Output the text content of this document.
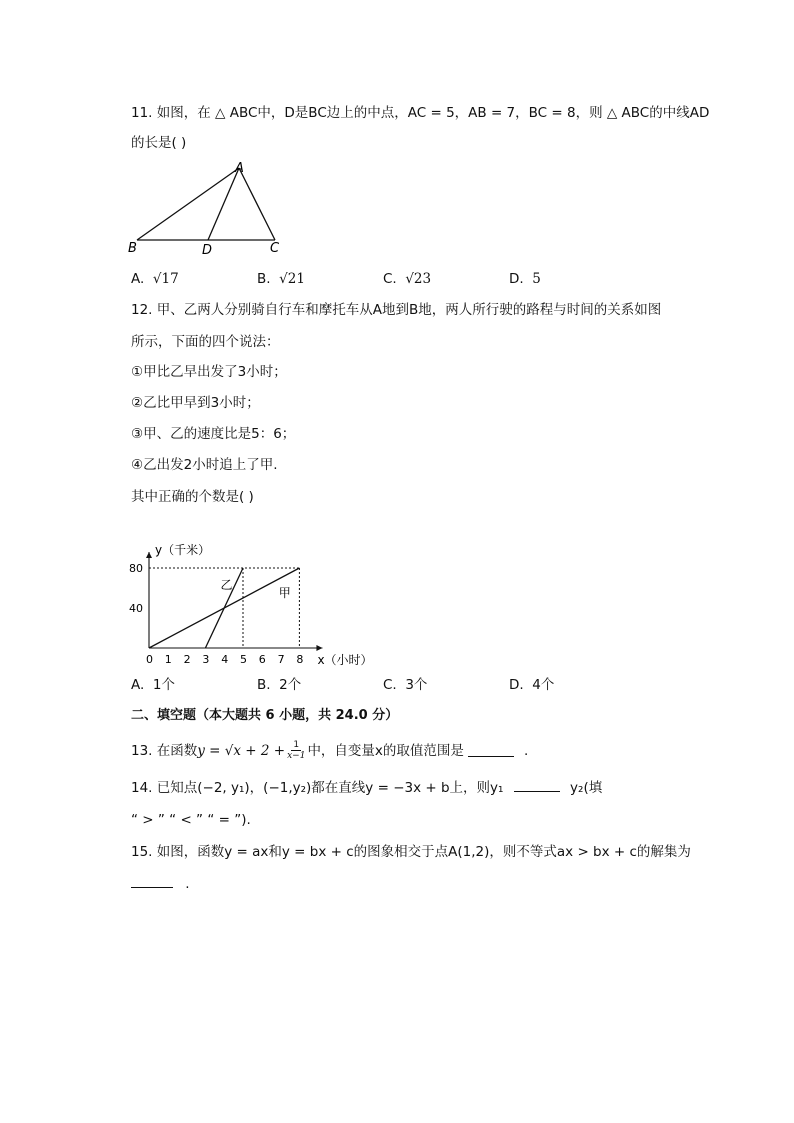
11. 如图，在 △ ABC中，D是BC边上的中点，AC = 5，AB = 7，BC = 8，则 △ ABC的中线AD
的长是( )
A
B	D	C
A. √17	B. √21	C. √23	D. 5
12. 甲、乙两人分别骑自行车和摩托车从A地到B地，两人所行驶的路程与时间的关系如图
所示，下面的四个说法：
①甲比乙早出发了3小时；
②乙比甲早到3小时；
③甲、乙的速度比是5：6；
④乙出发2小时追上了甲.
其中正确的个数是( )
甲
乙
0 1 2 3 4 5 6 7 8
40
80
y（千米）
x（小时）
A. 1个	B. 2个	C. 3个	D. 4个
二、填空题（本大题共 6 小题，共 24.0 分）
13. 在函数 $y = √x + 2 + \frac{1}{x-1}$ 中，自变量x的取值范围是	.
14. 已知点(−2, y₁)，(−1,y₂)都在直线y = −3x + b上，则y₁	y₂(填
“ > ” “ < ” “ = ”).
15. 如图，函数y = ax和y = bx + c的图象相交于点A(1,2)，则不等式ax > bx + c的解集为
.
